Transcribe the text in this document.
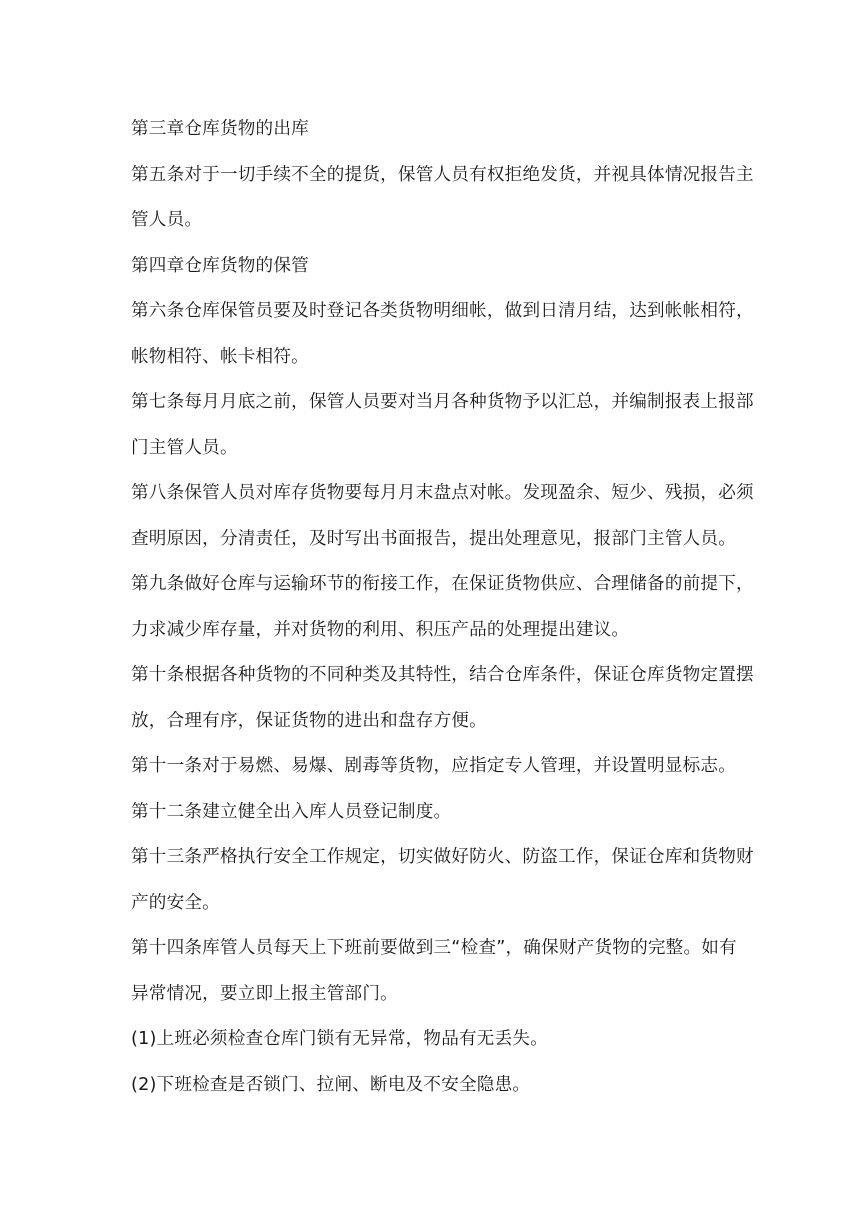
第三章仓库货物的出库
第五条对于一切手续不全的提货，保管人员有权拒绝发货，并视具体情况报告主
管人员。
第四章仓库货物的保管
第六条仓库保管员要及时登记各类货物明细帐，做到日清月结，达到帐帐相符，
帐物相符、帐卡相符。
第七条每月月底之前，保管人员要对当月各种货物予以汇总，并编制报表上报部
门主管人员。
第八条保管人员对库存货物要每月月末盘点对帐。发现盈余、短少、残损，必须
查明原因，分清责任，及时写出书面报告，提出处理意见，报部门主管人员。
第九条做好仓库与运输环节的衔接工作，在保证货物供应、合理储备的前提下，
力求减少库存量，并对货物的利用、积压产品的处理提出建议。
第十条根据各种货物的不同种类及其特性，结合仓库条件，保证仓库货物定置摆
放，合理有序，保证货物的进出和盘存方便。
第十一条对于易燃、易爆、剧毒等货物，应指定专人管理，并设置明显标志。
第十二条建立健全出入库人员登记制度。
第十三条严格执行安全工作规定，切实做好防火、防盗工作，保证仓库和货物财
产的安全。
第十四条库管人员每天上下班前要做到三“检查”，确保财产货物的完整。如有
异常情况，要立即上报主管部门。
(1)上班必须检查仓库门锁有无异常，物品有无丢失。
(2)下班检查是否锁门、拉闸、断电及不安全隐患。
